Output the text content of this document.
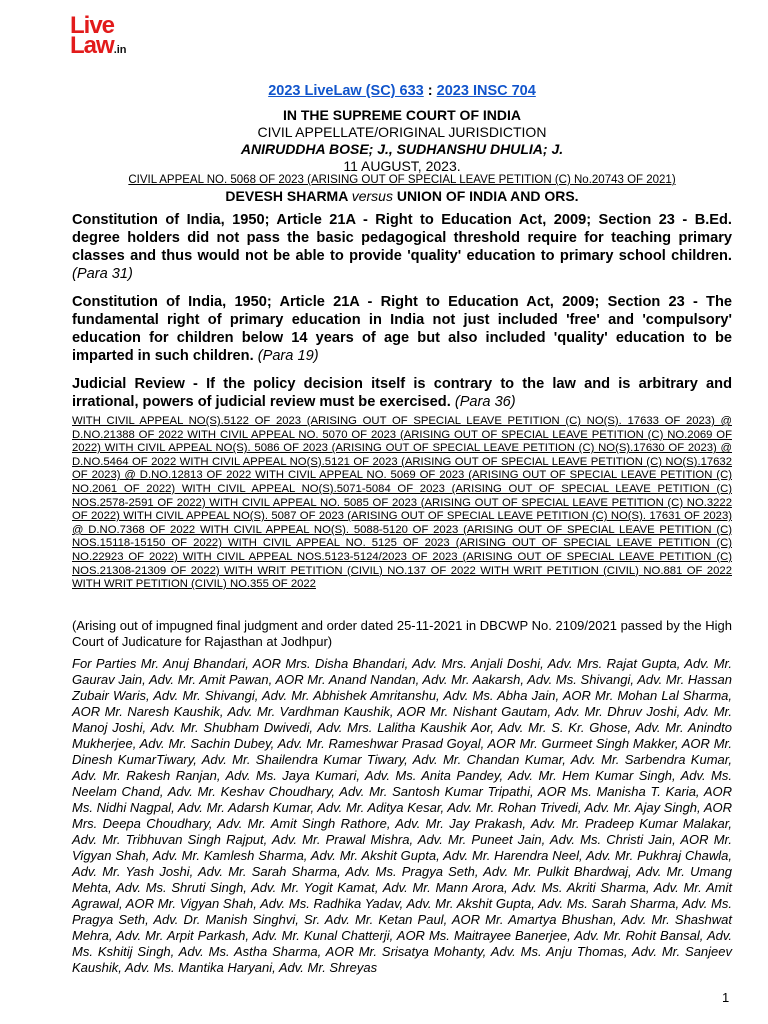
Live
Law.in
2023 LiveLaw (SC) 633 : 2023 INSC 704
IN THE SUPREME COURT OF INDIA
CIVIL APPELLATE/ORIGINAL JURISDICTION
ANIRUDDHA BOSE; J., SUDHANSHU DHULIA; J.
11 AUGUST, 2023.
CIVIL APPEAL NO. 5068 OF 2023 (ARISING OUT OF SPECIAL LEAVE PETITION (C) No.20743 OF 2021)
DEVESH SHARMA versus UNION OF INDIA AND ORS.
Constitution of India, 1950; Article 21A - Right to Education Act, 2009; Section 23 - B.Ed. degree holders did not pass the basic pedagogical threshold require for teaching primary classes and thus would not be able to provide 'quality' education to primary school children. (Para 31)
Constitution of India, 1950; Article 21A - Right to Education Act, 2009; Section 23 - The fundamental right of primary education in India not just included 'free' and 'compulsory' education for children below 14 years of age but also included 'quality' education to be imparted in such children. (Para 19)
Judicial Review - If the policy decision itself is contrary to the law and is arbitrary and irrational, powers of judicial review must be exercised. (Para 36)
WITH CIVIL APPEAL NO(S).5122 OF 2023 (ARISING OUT OF SPECIAL LEAVE PETITION (C) NO(S). 17633 OF 2023) @ D.NO.21388 OF 2022 WITH CIVIL APPEAL NO. 5070 OF 2023 (ARISING OUT OF SPECIAL LEAVE PETITION (C) NO.2069 OF 2022) WITH CIVIL APPEAL NO(S). 5086 OF 2023 (ARISING OUT OF SPECIAL LEAVE PETITION (C) NO(S).17630 OF 2023) @ D.NO.5464 OF 2022 WITH CIVIL APPEAL NO(S).5121 OF 2023 (ARISING OUT OF SPECIAL LEAVE PETITION (C) NO(S).17632 OF 2023) @ D.NO.12813 OF 2022 WITH CIVIL APPEAL NO. 5069 OF 2023 (ARISING OUT OF SPECIAL LEAVE PETITION (C) NO.2061 OF 2022) WITH CIVIL APPEAL NO(S).5071-5084 OF 2023 (ARISING OUT OF SPECIAL LEAVE PETITION (C) NOS.2578-2591 OF 2022) WITH CIVIL APPEAL NO. 5085 OF 2023 (ARISING OUT OF SPECIAL LEAVE PETITION (C) NO.3222 OF 2022) WITH CIVIL APPEAL NO(S). 5087 OF 2023 (ARISING OUT OF SPECIAL LEAVE PETITION (C) NO(S). 17631 OF 2023) @ D.NO.7368 OF 2022 WITH CIVIL APPEAL NO(S). 5088-5120 OF 2023 (ARISING OUT OF SPECIAL LEAVE PETITION (C) NOS.15118-15150 OF 2022) WITH CIVIL APPEAL NO. 5125 OF 2023 (ARISING OUT OF SPECIAL LEAVE PETITION (C) NO.22923 OF 2022) WITH CIVIL APPEAL NOS.5123-5124/2023 OF 2023 (ARISING OUT OF SPECIAL LEAVE PETITION (C) NOS.21308-21309 OF 2022) WITH WRIT PETITION (CIVIL) NO.137 OF 2022 WITH WRIT PETITION (CIVIL) NO.881 OF 2022 WITH WRIT PETITION (CIVIL) NO.355 OF 2022
(Arising out of impugned final judgment and order dated 25-11-2021 in DBCWP No. 2109/2021 passed by the High Court of Judicature for Rajasthan at Jodhpur)
For Parties Mr. Anuj Bhandari, AOR Mrs. Disha Bhandari, Adv. Mrs. Anjali Doshi, Adv. Mrs. Rajat Gupta, Adv. Mr. Gaurav Jain, Adv. Mr. Amit Pawan, AOR Mr. Anand Nandan, Adv. Mr. Aakarsh, Adv. Ms. Shivangi, Adv. Mr. Hassan Zubair Waris, Adv. Mr. Shivangi, Adv. Mr. Abhishek Amritanshu, Adv. Ms. Abha Jain, AOR Mr. Mohan Lal Sharma, AOR Mr. Naresh Kaushik, Adv. Mr. Vardhman Kaushik, AOR Mr. Nishant Gautam, Adv. Mr. Dhruv Joshi, Adv. Mr. Manoj Joshi, Adv. Mr. Shubham Dwivedi, Adv. Mrs. Lalitha Kaushik Aor, Adv. Mr. S. Kr. Ghose, Adv. Mr. Anindto Mukherjee, Adv. Mr. Sachin Dubey, Adv. Mr. Rameshwar Prasad Goyal, AOR Mr. Gurmeet Singh Makker, AOR Mr. Dinesh KumarTiwary, Adv. Mr. Shailendra Kumar Tiwary, Adv. Mr. Chandan Kumar, Adv. Mr. Sarbendra Kumar, Adv. Mr. Rakesh Ranjan, Adv. Ms. Jaya Kumari, Adv. Ms. Anita Pandey, Adv. Mr. Hem Kumar Singh, Adv. Ms. Neelam Chand, Adv. Mr. Keshav Choudhary, Adv. Mr. Santosh Kumar Tripathi, AOR Ms. Manisha T. Karia, AOR Ms. Nidhi Nagpal, Adv. Mr. Adarsh Kumar, Adv. Mr. Aditya Kesar, Adv. Mr. Rohan Trivedi, Adv. Mr. Ajay Singh, AOR Mrs. Deepa Choudhary, Adv. Mr. Amit Singh Rathore, Adv. Mr. Jay Prakash, Adv. Mr. Pradeep Kumar Malakar, Adv. Mr. Tribhuvan Singh Rajput, Adv. Mr. Prawal Mishra, Adv. Mr. Puneet Jain, Adv. Ms. Christi Jain, AOR Mr. Vigyan Shah, Adv. Mr. Kamlesh Sharma, Adv. Mr. Akshit Gupta, Adv. Mr. Harendra Neel, Adv. Mr. Pukhraj Chawla, Adv. Mr. Yash Joshi, Adv. Mr. Sarah Sharma, Adv. Ms. Pragya Seth, Adv. Mr. Pulkit Bhardwaj, Adv. Mr. Umang Mehta, Adv. Ms. Shruti Singh, Adv. Mr. Yogit Kamat, Adv. Mr. Mann Arora, Adv. Ms. Akriti Sharma, Adv. Mr. Amit Agrawal, AOR Mr. Vigyan Shah, Adv. Ms. Radhika Yadav, Adv. Mr. Akshit Gupta, Adv. Ms. Sarah Sharma, Adv. Ms. Pragya Seth, Adv. Dr. Manish Singhvi, Sr. Adv. Mr. Ketan Paul, AOR Mr. Amartya Bhushan, Adv. Mr. Shashwat Mehra, Adv. Mr. Arpit Parkash, Adv. Mr. Kunal Chatterji, AOR Ms. Maitrayee Banerjee, Adv. Mr. Rohit Bansal, Adv. Ms. Kshitij Singh, Adv. Ms. Astha Sharma, AOR Mr. Srisatya Mohanty, Adv. Ms. Anju Thomas, Adv. Mr. Sanjeev Kaushik, Adv. Ms. Mantika Haryani, Adv. Mr. Shreyas
1
